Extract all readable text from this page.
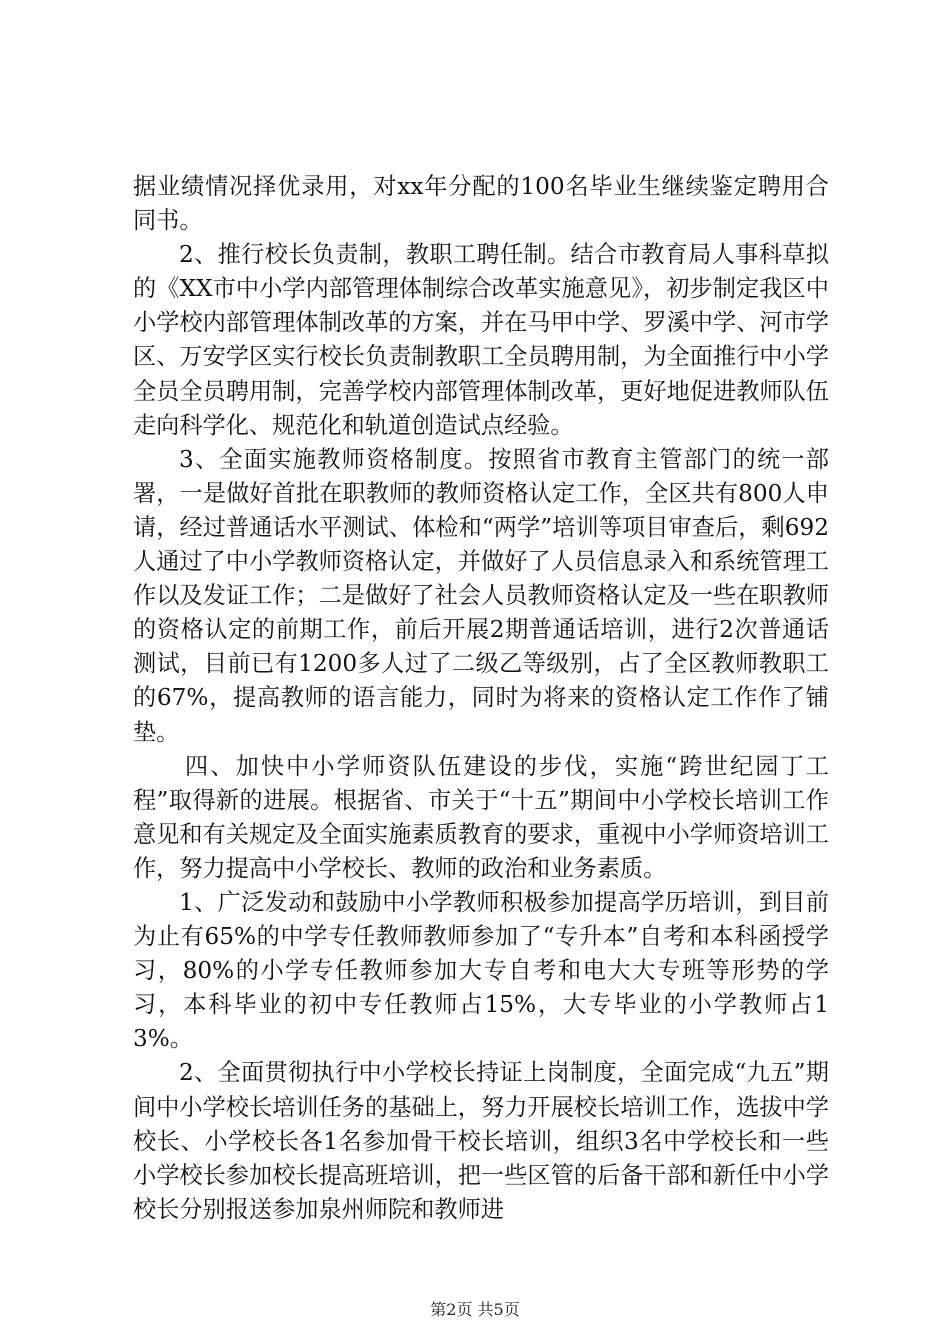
据业绩情况择优录用，对xx年分配的100名毕业生继续鉴定聘用合同书。

2、推行校长负责制，教职工聘任制。结合市教育局人事科草拟的《XX市中小学内部管理体制综合改革实施意见》，初步制定我区中小学校内部管理体制改革的方案，并在马甲中学、罗溪中学、河市学区、万安学区实行校长负责制教职工全员聘用制，为全面推行中小学全员全员聘用制，完善学校内部管理体制改革，更好地促进教师队伍走向科学化、规范化和轨道创造试点经验。

3、全面实施教师资格制度。按照省市教育主管部门的统一部署，一是做好首批在职教师的教师资格认定工作，全区共有800人申请，经过普通话水平测试、体检和“两学”培训等项目审查后，剩692人通过了中小学教师资格认定，并做好了人员信息录入和系统管理工作以及发证工作；二是做好了社会人员教师资格认定及一些在职教师的资格认定的前期工作，前后开展2期普通话培训，进行2次普通话测试，目前已有1200多人过了二级乙等级别，占了全区教师教职工的67%，提高教师的语言能力，同时为将来的资格认定工作作了铺垫。

四、加快中小学师资队伍建设的步伐，实施“跨世纪园丁工程”取得新的进展。根据省、市关于“十五”期间中小学校长培训工作意见和有关规定及全面实施素质教育的要求，重视中小学师资培训工作，努力提高中小学校长、教师的政治和业务素质。

1、广泛发动和鼓励中小学教师积极参加提高学历培训，到目前为止有65%的中学专任教师教师参加了“专升本”自考和本科函授学习，80%的小学专任教师参加大专自考和电大大专班等形势的学习，本科毕业的初中专任教师占15%，大专毕业的小学教师占13%。

2、全面贯彻执行中小学校长持证上岗制度，全面完成“九五”期间中小学校长培训任务的基础上，努力开展校长培训工作，选拔中学校长、小学校长各1名参加骨干校长培训，组织3名中学校长和一些小学校长参加校长提高班培训，把一些区管的后备干部和新任中小学校长分别报送参加泉州师院和教师进

第2页 共5页
